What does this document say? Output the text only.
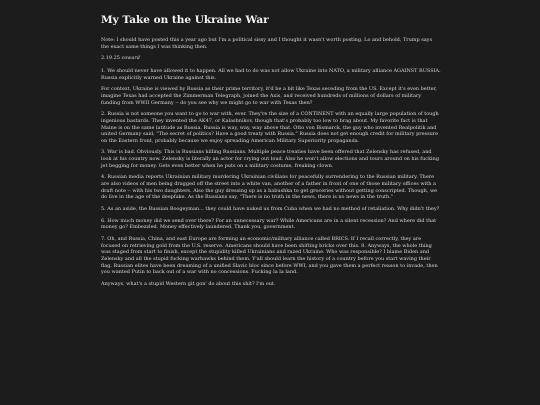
My Take on the Ukraine War

Note: I should have posted this a year ago but I'm a political sissy and I thought it wasn't worth posting. Lo and behold, Trump says the exact same things I was thinking then.

2.19.25 coward

1. We should never have allowed it to happen. All we had to do was not allow Ukraine into NATO, a military alliance AGAINST RUSSIA. Russia explicitly warned Ukraine against this.

For context, Ukraine is viewed by Russia as their prime territory, it'd be a bit like Texas seceding from the US. Except it's even better, imagine Texas had accepted the Zimmerman Telegraph, joined the Axis, and received hundreds of millions of dollars of military funding from WWII Germany -- do you see why we might go to war with Texas then?

2. Russia is not someone you want to go to war with, ever. They're the size of a CONTINENT with an equally large population of tough ingenious bastards. They invented the AK47, or Kalashnikov, though that's probably too low to brag about. My favorite fact is that Maine is on the same latitude as Russia. Russia is way, way, way above that. Otto von Bismarck, the guy who invented Realpolitik and united Germany said, "The secret of politics? Have a good treaty with Russia." Russia does not get enough credit for military pressure on the Eastern front, probably because we enjoy spreading American Military Superiority propaganda.

3. War is bad. Obviously. This is Russians killing Russians. Multiple peace treaties have been offered that Zelensky has refused, and look at his country now. Zelensky is literally an actor for crying out loud. Also he won't allow elections and tours around on his fucking jet begging for money. Gets even better when he puts on a military costume, freaking clown.

4. Russian media reports Ukrainian military murdering Ukrainian civilians for peacefully surrendering to the Russian military. There are also videos of men being dragged off the street into a white van, another of a father in front of one of those military offices with a draft note -- with his two daughters. Also the guy dressing up as a babushka to get groceries without getting conscripted. Though, we do live in the age of the deepfake. As the Russians say, "There is no truth in the news, there is no news in the truth."

5. As an aside, the Russian Boogeyman... they could have nuked us from Cuba when we had no method of retaliation. Why didn't they?

6. How much money did we send over there? For an unnecessary war? While Americans are in a silent recession? And where did that money go? Embezzled. Money effectively laundered. Thank you, government.

7. Oh, and Russia, China, and east Europe are forming an economic/military alliance called BRICS. If I recall correctly, they are focused on retrieving gold from the U.S. reserve. Americans should have been shifting bricks over this. 8. Anyways, the whole thing was staged from start to finish, except the stupidity killed Ukrainians and razed Ukraine. Who was responsible? I blame Biden and Zelensky and all the stupid fucking warhawks behind them. Y'all should learn the history of a country before you start waving their flag. Russian elites have been dreaming of a unified Slavic bloc since before WWI, and you gave them a perfect reason to invade, then you wanted Putin to back out of a war with no concessions. Fucking la la land.

Anyways, what's a stupid Western git gon' do about this shit? I'm out.
